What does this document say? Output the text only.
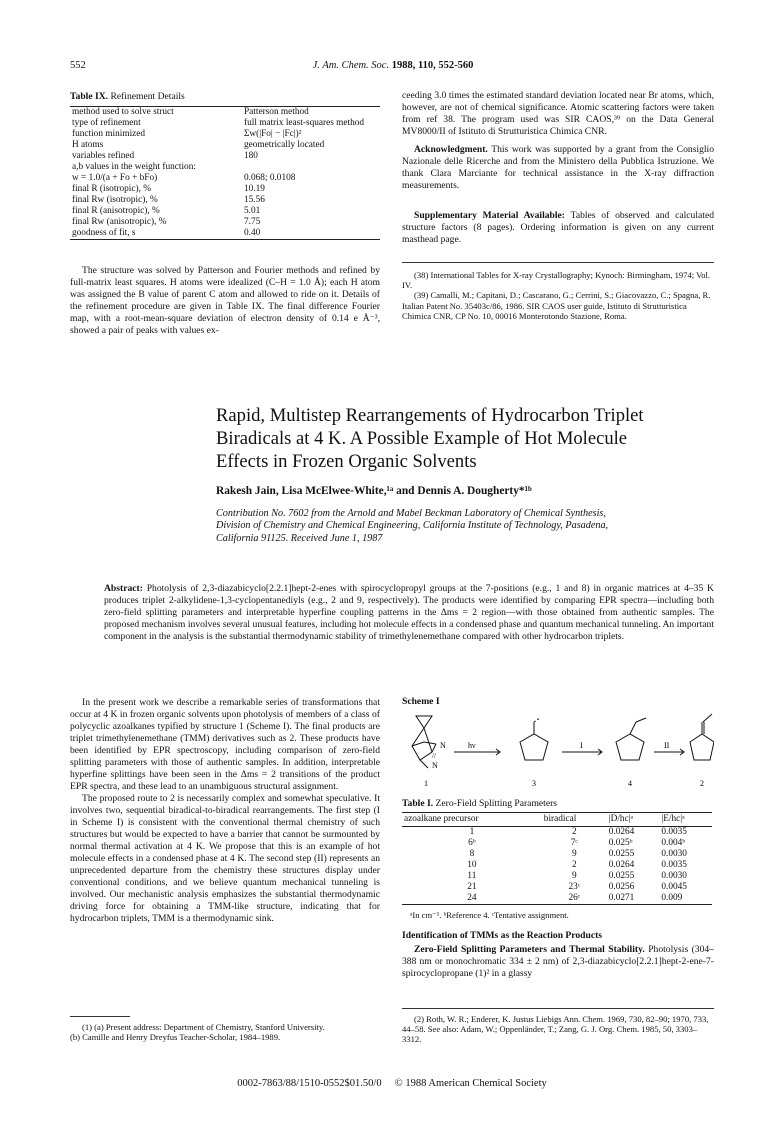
552	J. Am. Chem. Soc. 1988, 110, 552-560
Table IX. Refinement Details
method used to solve struct	Patterson method
type of refinement	full matrix least-squares method
function minimized	Σw(|Fo| − |Fc|)²
H atoms	geometrically located
variables refined	180
a,b values in the weight function:	
w = 1.0/(a + Fo + bFo)	0.068; 0.0108
final R (isotropic), %	10.19
final Rw (isotropic), %	15.56
final R (anisotropic), %	5.01
final Rw (anisotropic), %	7.75
goodness of fit, s	0.40
The structure was solved by Patterson and Fourier methods and refined by full-matrix least squares. H atoms were idealized (C–H = 1.0 Å); each H atom was assigned the B value of parent C atom and allowed to ride on it. Details of the refinement procedure are given in Table IX. The final difference Fourier map, with a root-mean-square deviation of electron density of 0.14 e Å⁻³, showed a pair of peaks with values ex-
ceeding 3.0 times the estimated standard deviation located near Br atoms, which, however, are not of chemical significance. Atomic scattering factors were taken from ref 38. The program used was SIR CAOS,³⁹ on the Data General MV8000/II of Istituto di Strutturistica Chimica CNR.
Acknowledgment. This work was supported by a grant from the Consiglio Nazionale delle Ricerche and from the Ministero della Pubblica Istruzione. We thank Clara Marciante for technical assistance in the X-ray diffraction measurements.
Supplementary Material Available: Tables of observed and calculated structure factors (8 pages). Ordering information is given on any current masthead page.

(38) International Tables for X-ray Crystallography; Kynoch: Birmingham, 1974; Vol. IV.

(39) Camalli, M.; Capitani, D.; Cascarano, G.; Cerrini, S.; Giacovazzo, C.; Spagna, R. Italian Patent No. 35403c/86, 1986. SIR CAOS user guide, Istituto di Strutturistica Chimica CNR, CP No. 10, 00016 Monterotondo Stazione, Roma.

Rapid, Multistep Rearrangements of Hydrocarbon Triplet
Biradicals at 4 K. A Possible Example of Hot Molecule
Effects in Frozen Organic Solvents
Rakesh Jain, Lisa McElwee-White,¹ᵃ and Dennis A. Dougherty*¹ᵇ
Contribution No. 7602 from the Arnold and Mabel Beckman Laboratory of Chemical Synthesis,
Division of Chemistry and Chemical Engineering, California Institute of Technology, Pasadena,
California 91125. Received June 1, 1987
Abstract: Photolysis of 2,3-diazabicyclo[2.2.1]hept-2-enes with spirocyclopropyl groups at the 7-positions (e.g., 1 and 8) in organic matrices at 4–35 K produces triplet 2-alkylidene-1,3-cyclopentanediyls (e.g., 2 and 9, respectively). The products were identified by comparing EPR spectra—including both zero-field splitting parameters and interpretable hyperfine coupling patterns in the Δms = 2 region—with those obtained from authentic samples. The proposed mechanism involves several unusual features, including hot molecule effects in a condensed phase and quantum mechanical tunneling. An important component in the analysis is the substantial thermodynamic stability of trimethylenemethane compared with other hydrocarbon triplets.

In the present work we describe a remarkable series of transformations that occur at 4 K in frozen organic solvents upon photolysis of members of a class of polycyclic azoalkanes typified by structure 1 (Scheme I). The final products are triplet trimethylenemethane (TMM) derivatives such as 2. These products have been identified by EPR spectroscopy, including comparison of zero-field splitting parameters with those of authentic samples. In addition, interpretable hyperfine splittings have been seen in the Δms = 2 transitions of the product EPR spectra, and these lead to an unambiguous structural assignment.

The proposed route to 2 is necessarily complex and somewhat speculative. It involves two, sequential biradical-to-biradical rearrangements. The first step (I in Scheme I) is consistent with the conventional thermal chemistry of such structures but would be expected to have a barrier that cannot be surmounted by normal thermal activation at 4 K. We propose that this is an example of hot molecule effects in a condensed phase at 4 K. The second step (II) represents an unprecedented departure from the chemistry these structures display under conventional conditions, and we believe quantum mechanical tunneling is involved. Our mechanistic analysis emphasizes the substantial thermodynamic driving force for obtaining a TMM-like structure, indicating that for hydrocarbon triplets, TMM is a thermodynamic sink.

(1) (a) Present address: Department of Chemistry, Stanford University.

(b) Camille and Henry Dreyfus Teacher-Scholar, 1984–1989.

Scheme I
N
//
N
hν	I	II
1	3	4	2
Table I. Zero-Field Splitting Parameters
azoalkane precursor	biradical	|D/hc|ᵃ	|E/hc|ᵃ
1	2	0.0264	0.0035
6ᵇ	7ᶜ	0.025ᵇ	0.004ᵇ
8	9	0.0255	0.0030
10	2	0.0264	0.0035
11	9	0.0255	0.0030
21	23ᶜ	0.0256	0.0045
24	26ᶜ	0.0271	0.009
ᵃIn cm⁻¹. ᵇReference 4. ᶜTentative assignment.
Identification of TMMs as the Reaction Products
Zero-Field Splitting Parameters and Thermal Stability. Photolysis (304–388 nm or monochromatic 334 ± 2 nm) of 2,3-diazabicyclo[2.2.1]hept-2-ene-7-spirocyclopropane (1)² in a glassy
(2) Roth, W. R.; Enderer, K. Justus Liebigs Ann. Chem. 1969, 730, 82–90; 1970, 733, 44–58. See also: Adam, W.; Oppenländer, T.; Zang, G. J. Org. Chem. 1985, 50, 3303–3312.
0002-7863/88/1510-0552$01.50/0 © 1988 American Chemical Society
